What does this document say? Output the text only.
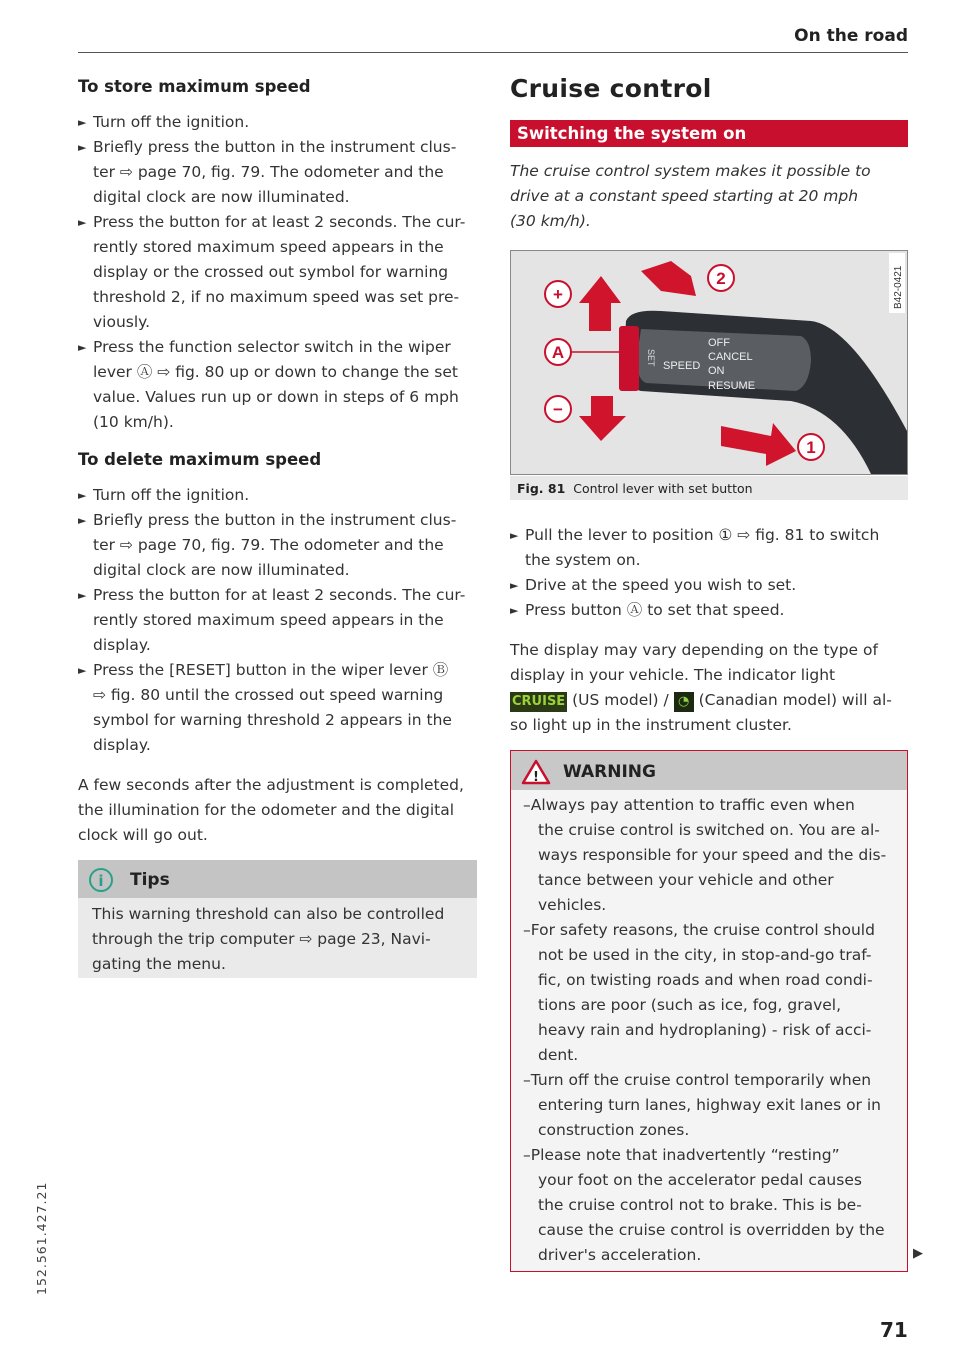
On the road
To store maximum speed
► Turn off the ignition.
► Briefly press the button in the instrument clus-
ter ⇨ page 70, fig. 79. The odometer and the
digital clock are now illuminated.
► Press the button for at least 2 seconds. The cur-
rently stored maximum speed appears in the
display or the crossed out symbol for warning
threshold 2, if no maximum speed was set pre-
viously.
► Press the function selector switch in the wiper
lever Ⓐ ⇨ fig. 80 up or down to change the set
value. Values run up or down in steps of 6 mph
(10 km/h).
To delete maximum speed
► Turn off the ignition.
► Briefly press the button in the instrument clus-
ter ⇨ page 70, fig. 79. The odometer and the
digital clock are now illuminated.
► Press the button for at least 2 seconds. The cur-
rently stored maximum speed appears in the
display.
► Press the [RESET] button in the wiper lever Ⓑ
⇨ fig. 80 until the crossed out speed warning
symbol for warning threshold 2 appears in the
display.
A few seconds after the adjustment is completed,
the illumination for the odometer and the digital
clock will go out.
i Tips
This warning threshold can also be controlled
through the trip computer ⇨ page 23, Navi-
gating the menu.
Cruise control
Switching the system on
The cruise control system makes it possible to
drive at a constant speed starting at 20 mph
(30 km/h).
SET SPEED
OFF
CANCEL
ON
RESUME
+
2
A
−
1
B42-0421
Fig. 81 Control lever with set button
► Pull the lever to position ① ⇨ fig. 81 to switch
the system on.
► Drive at the speed you wish to set.
► Press button Ⓐ to set that speed.
The display may vary depending on the type of
display in your vehicle. The indicator light
CRUISE (US model) / ◔ (Canadian model) will al-
so light up in the instrument cluster.
! WARNING
– Always pay attention to traffic even when
the cruise control is switched on. You are al-
ways responsible for your speed and the dis-
tance between your vehicle and other
vehicles.
– For safety reasons, the cruise control should
not be used in the city, in stop-and-go traf-
fic, on twisting roads and when road condi-
tions are poor (such as ice, fog, gravel,
heavy rain and hydroplaning) - risk of acci-
dent.
– Turn off the cruise control temporarily when
entering turn lanes, highway exit lanes or in
construction zones.
– Please note that inadvertently “resting”
your foot on the accelerator pedal causes
the cruise control not to brake. This is be-
cause the cruise control is overridden by the
driver's acceleration.	▶
71
152.561.427.21
